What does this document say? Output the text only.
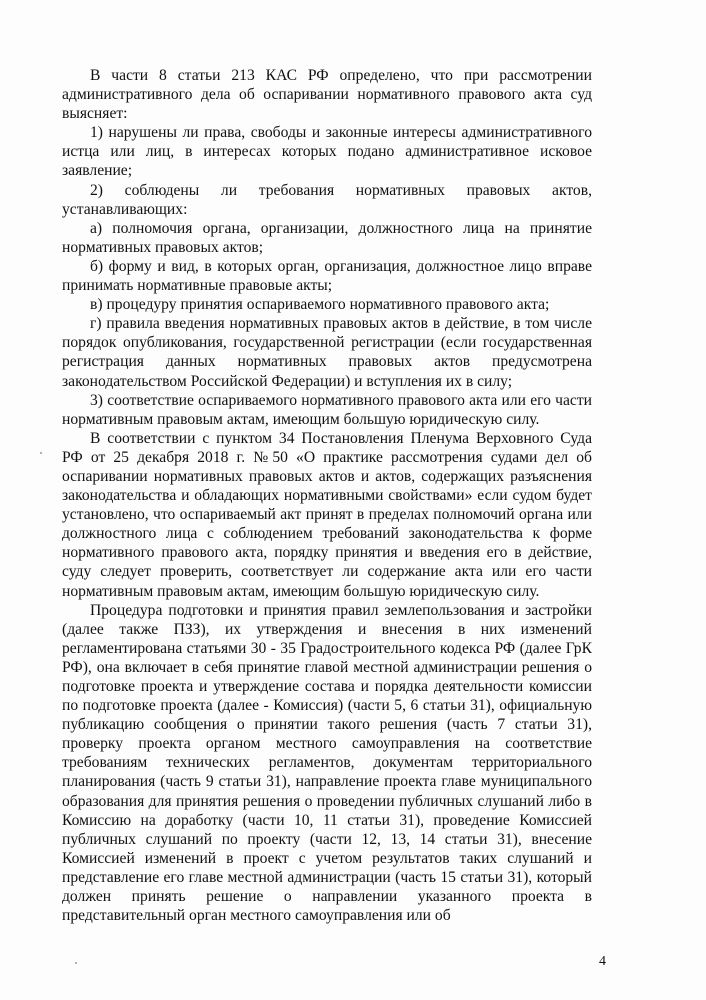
В части 8 статьи 213 КАС РФ определено, что при рассмотрении административного дела об оспаривании нормативного правового акта суд выясняет:

1) нарушены ли права, свободы и законные интересы административного истца или лиц, в интересах которых подано административное исковое заявление;

2) соблюдены ли требования нормативных правовых актов, устанавливающих:

а) полномочия органа, организации, должностного лица на принятие нормативных правовых актов;

б) форму и вид, в которых орган, организация, должностное лицо вправе принимать нормативные правовые акты;

в) процедуру принятия оспариваемого нормативного правового акта;

г) правила введения нормативных правовых актов в действие, в том числе порядок опубликования, государственной регистрации (если государственная регистрация данных нормативных правовых актов предусмотрена законодательством Российской Федерации) и вступления их в силу;

3) соответствие оспариваемого нормативного правового акта или его части нормативным правовым актам, имеющим большую юридическую силу.

В соответствии с пунктом 34 Постановления Пленума Верховного Суда РФ от 25 декабря 2018 г. №50 «О практике рассмотрения судами дел об оспаривании нормативных правовых актов и актов, содержащих разъяснения законодательства и обладающих нормативными свойствами» если судом будет установлено, что оспариваемый акт принят в пределах полномочий органа или должностного лица с соблюдением требований законодательства к форме нормативного правового акта, порядку принятия и введения его в действие, суду следует проверить, соответствует ли содержание акта или его части нормативным правовым актам, имеющим большую юридическую силу.

Процедура подготовки и принятия правил землепользования и застройки (далее также ПЗЗ), их утверждения и внесения в них изменений регламентирована статьями 30 - 35 Градостроительного кодекса РФ (далее ГрК РФ), она включает в себя принятие главой местной администрации решения о подготовке проекта и утверждение состава и порядка деятельности комиссии по подготовке проекта (далее - Комиссия) (части 5, 6 статьи 31), официальную публикацию сообщения о принятии такого решения (часть 7 статьи 31), проверку проекта органом местного самоуправления на соответствие требованиям технических регламентов, документам территориального планирования (часть 9 статьи 31), направление проекта главе муниципального образования для принятия решения о проведении публичных слушаний либо в Комиссию на доработку (части 10, 11 статьи 31), проведение Комиссией публичных слушаний по проекту (части 12, 13, 14 статьи 31), внесение Комиссией изменений в проект с учетом результатов таких слушаний и представление его главе местной администрации (часть 15 статьи 31), который должен принять решение о направлении указанного проекта в представительный орган местного самоуправления или об

4
